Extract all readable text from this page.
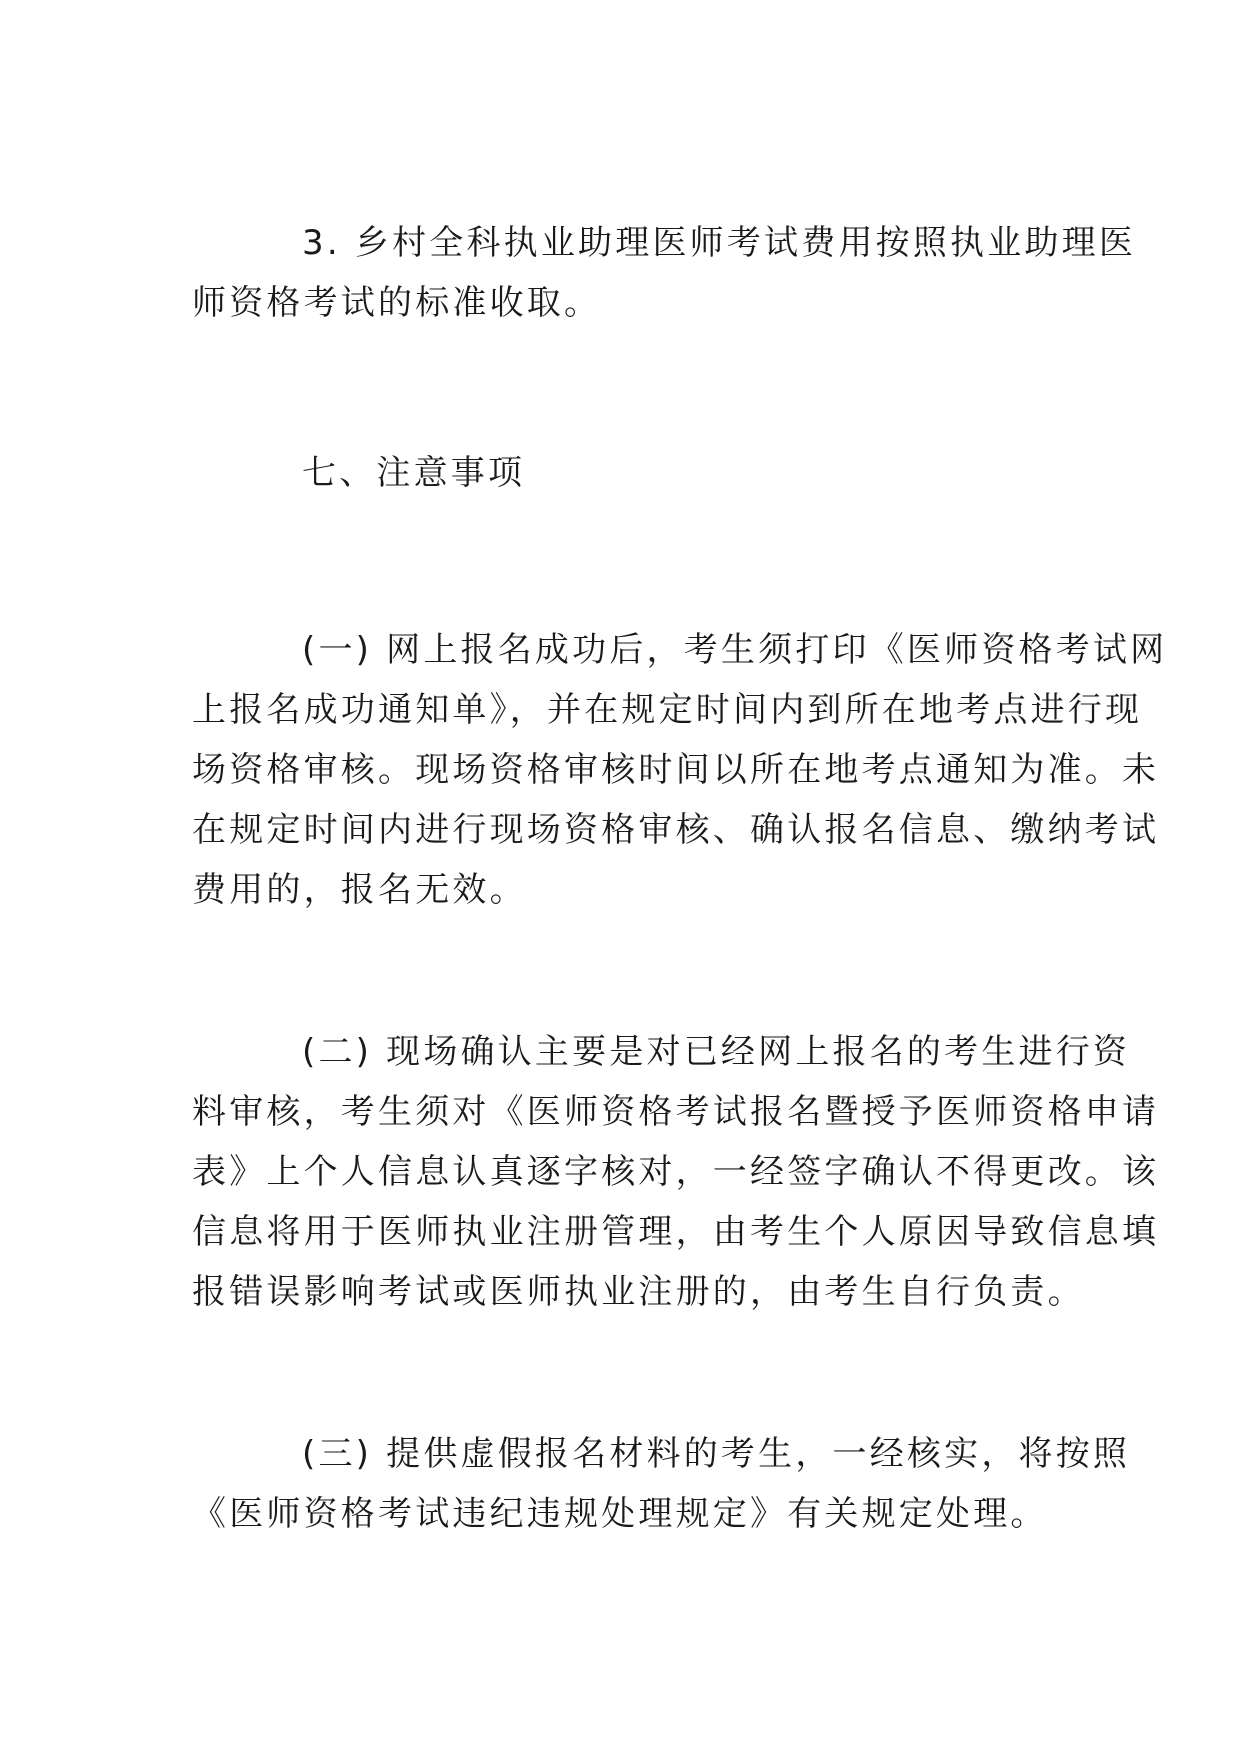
3. 乡村全科执业助理医师考试费用按照执业助理医
师资格考试的标准收取。

七、注意事项

(一) 网上报名成功后，考生须打印《医师资格考试网
上报名成功通知单》，并在规定时间内到所在地考点进行现
场资格审核。现场资格审核时间以所在地考点通知为准。未
在规定时间内进行现场资格审核、确认报名信息、缴纳考试
费用的，报名无效。

(二) 现场确认主要是对已经网上报名的考生进行资
料审核，考生须对《医师资格考试报名暨授予医师资格申请
表》上个人信息认真逐字核对，一经签字确认不得更改。该
信息将用于医师执业注册管理，由考生个人原因导致信息填
报错误影响考试或医师执业注册的，由考生自行负责。

(三) 提供虚假报名材料的考生，一经核实，将按照
《医师资格考试违纪违规处理规定》有关规定处理。
